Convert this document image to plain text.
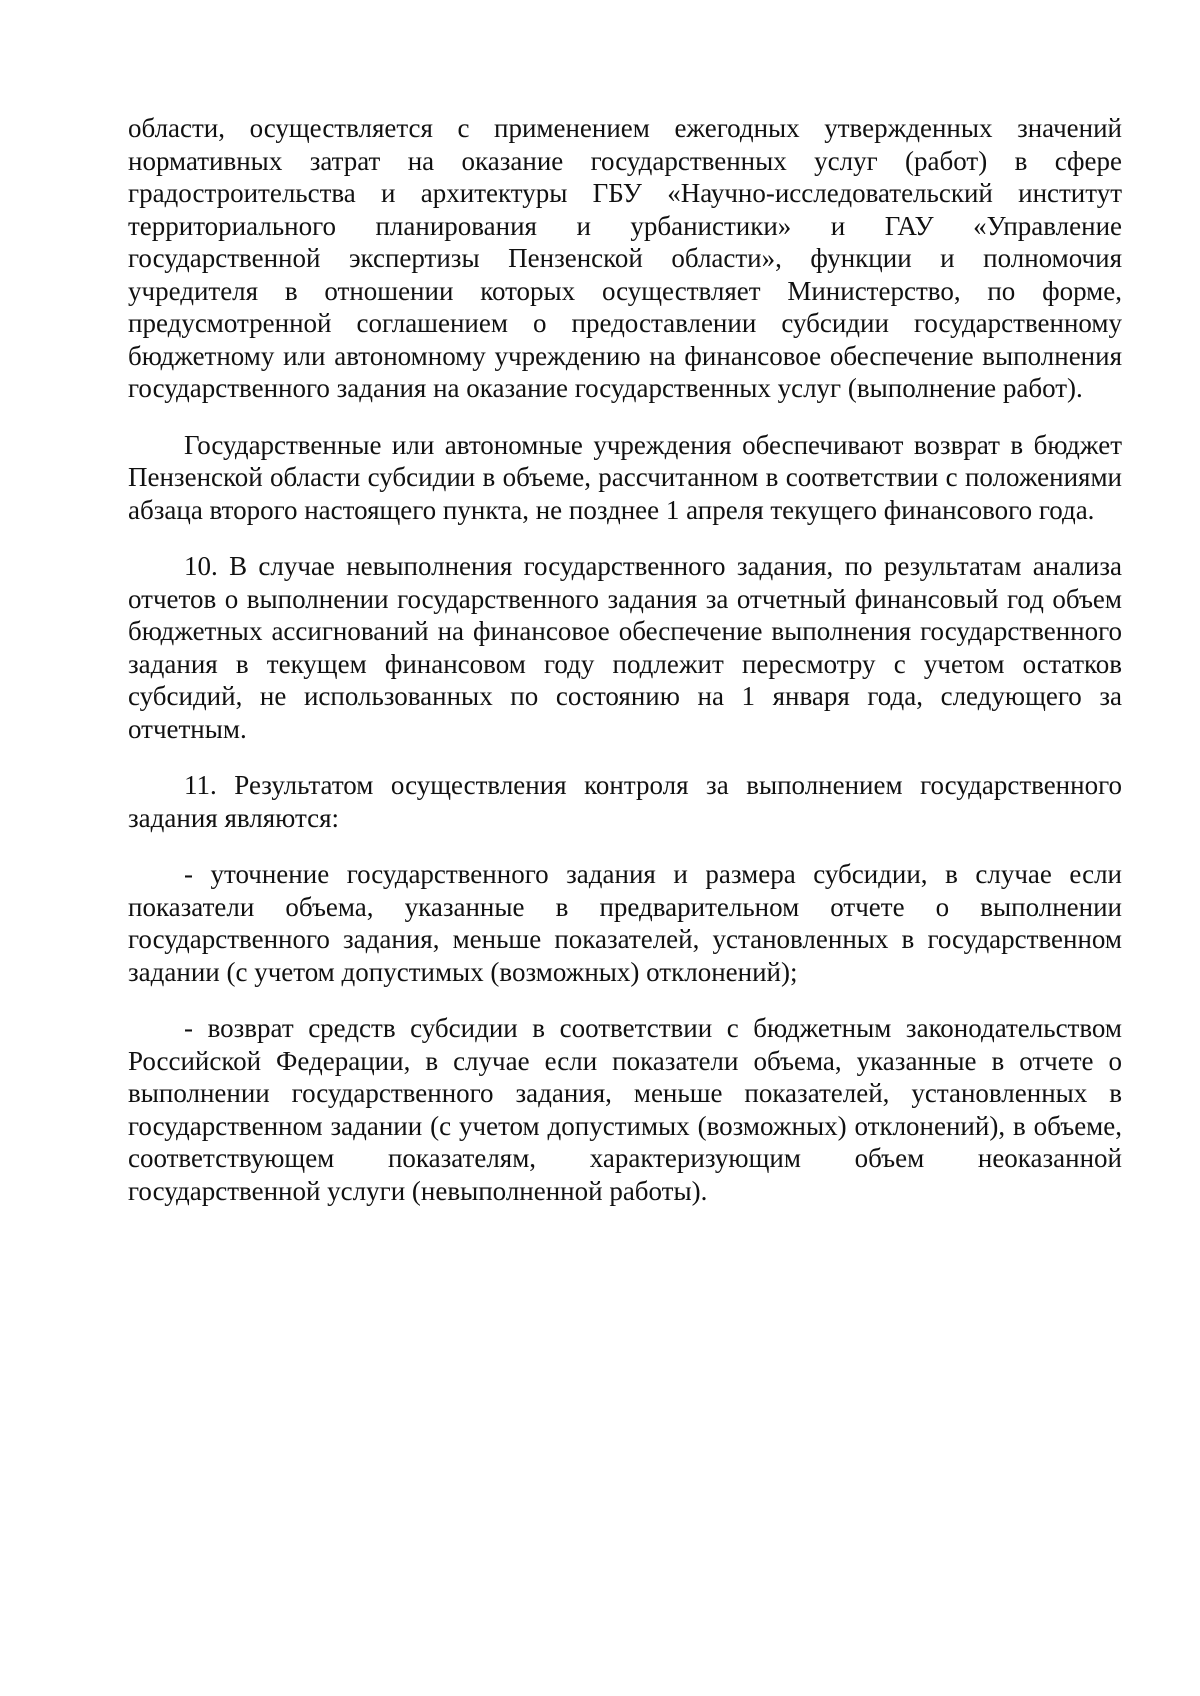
области, осуществляется с применением ежегодных утвержденных значений нормативных затрат на оказание государственных услуг (работ) в сфере градостроительства и архитектуры ГБУ «Научно-исследовательский институт территориального планирования и урбанистики» и ГАУ «Управление государственной экспертизы Пензенской области», функции и полномочия учредителя в отношении которых осуществляет Министерство, по форме, предусмотренной соглашением о предоставлении субсидии государственному бюджетному или автономному учреждению на финансовое обеспечение выполнения государственного задания на оказание государственных услуг (выполнение работ).

Государственные или автономные учреждения обеспечивают возврат в бюджет Пензенской области субсидии в объеме, рассчитанном в соответствии с положениями абзаца второго настоящего пункта, не позднее 1 апреля текущего финансового года.

10. В случае невыполнения государственного задания, по результатам анализа отчетов о выполнении государственного задания за отчетный финансовый год объем бюджетных ассигнований на финансовое обеспечение выполнения государственного задания в текущем финансовом году подлежит пересмотру с учетом остатков субсидий, не использованных по состоянию на 1 января года, следующего за отчетным.

11. Результатом осуществления контроля за выполнением государственного задания являются:

- уточнение государственного задания и размера субсидии, в случае если показатели объема, указанные в предварительном отчете о выполнении государственного задания, меньше показателей, установленных в государственном задании (с учетом допустимых (возможных) отклонений);

- возврат средств субсидии в соответствии с бюджетным законодательством Российской Федерации, в случае если показатели объема, указанные в отчете о выполнении государственного задания, меньше показателей, установленных в государственном задании (с учетом допустимых (возможных) отклонений), в объеме, соответствующем показателям, характеризующим объем неоказанной государственной услуги (невыполненной работы).
